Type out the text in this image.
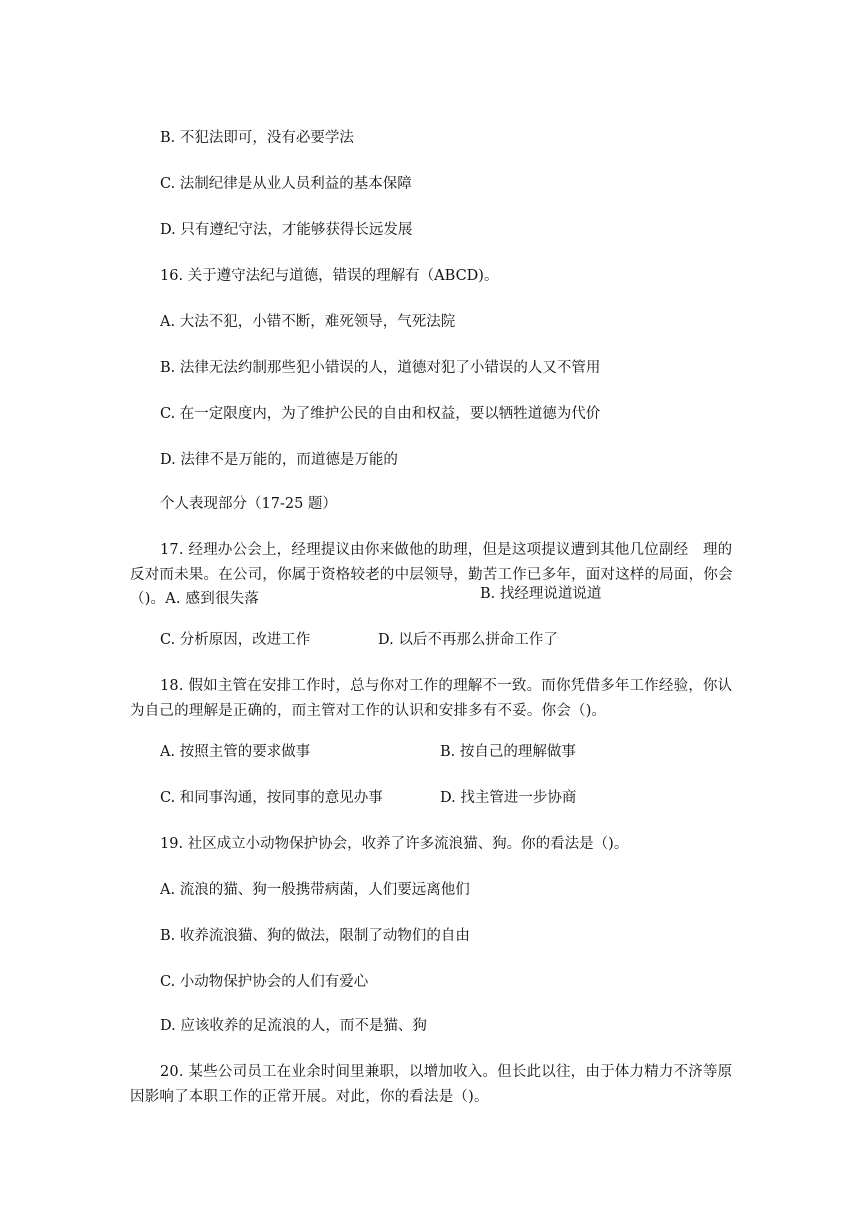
B. 不犯法即可，没有必要学法
C. 法制纪律是从业人员利益的基本保障
D. 只有遵纪守法，才能够获得长远发展
16. 关于遵守法纪与道德，错误的理解有（ABCD)。
A. 大法不犯，小错不断，难死领导，气死法院
B. 法律无法约制那些犯小错误的人，道德对犯了小错误的人又不管用
C. 在一定限度内，为了维护公民的自由和权益，要以牺牲道德为代价
D. 法律不是万能的，而道德是万能的
个人表现部分（17-25 题）
17. 经理办公会上，经理提议由你来做他的助理，但是这项提议遭到其他几位副经　理的反对而未果。在公司，你属于资格较老的中层领导，勤苦工作已多年，面对这样的局面，你会（)。A. 感到很失落	B. 找经理说道说道
C. 分析原因，改进工作	D. 以后不再那么拼命工作了
18. 假如主管在安排工作时，总与你对工作的理解不一致。而你凭借多年工作经验，你认为自己的理解是正确的，而主管对工作的认识和安排多有不妥。你会（)。
A. 按照主管的要求做事	B. 按自己的理解做事
C. 和同事沟通，按同事的意见办事	D. 找主管进一步协商
19. 社区成立小动物保护协会，收养了许多流浪猫、狗。你的看法是（)。
A. 流浪的猫、狗一般携带病菌，人们要远离他们
B. 收养流浪猫、狗的做法，限制了动物们的自由
C. 小动物保护协会的人们有爱心
D. 应该收养的足流浪的人，而不是猫、狗
20. 某些公司员工在业余时间里兼职，以增加收入。但长此以往，由于体力精力不济等原因影响了本职工作的正常开展。对此，你的看法是（)。
